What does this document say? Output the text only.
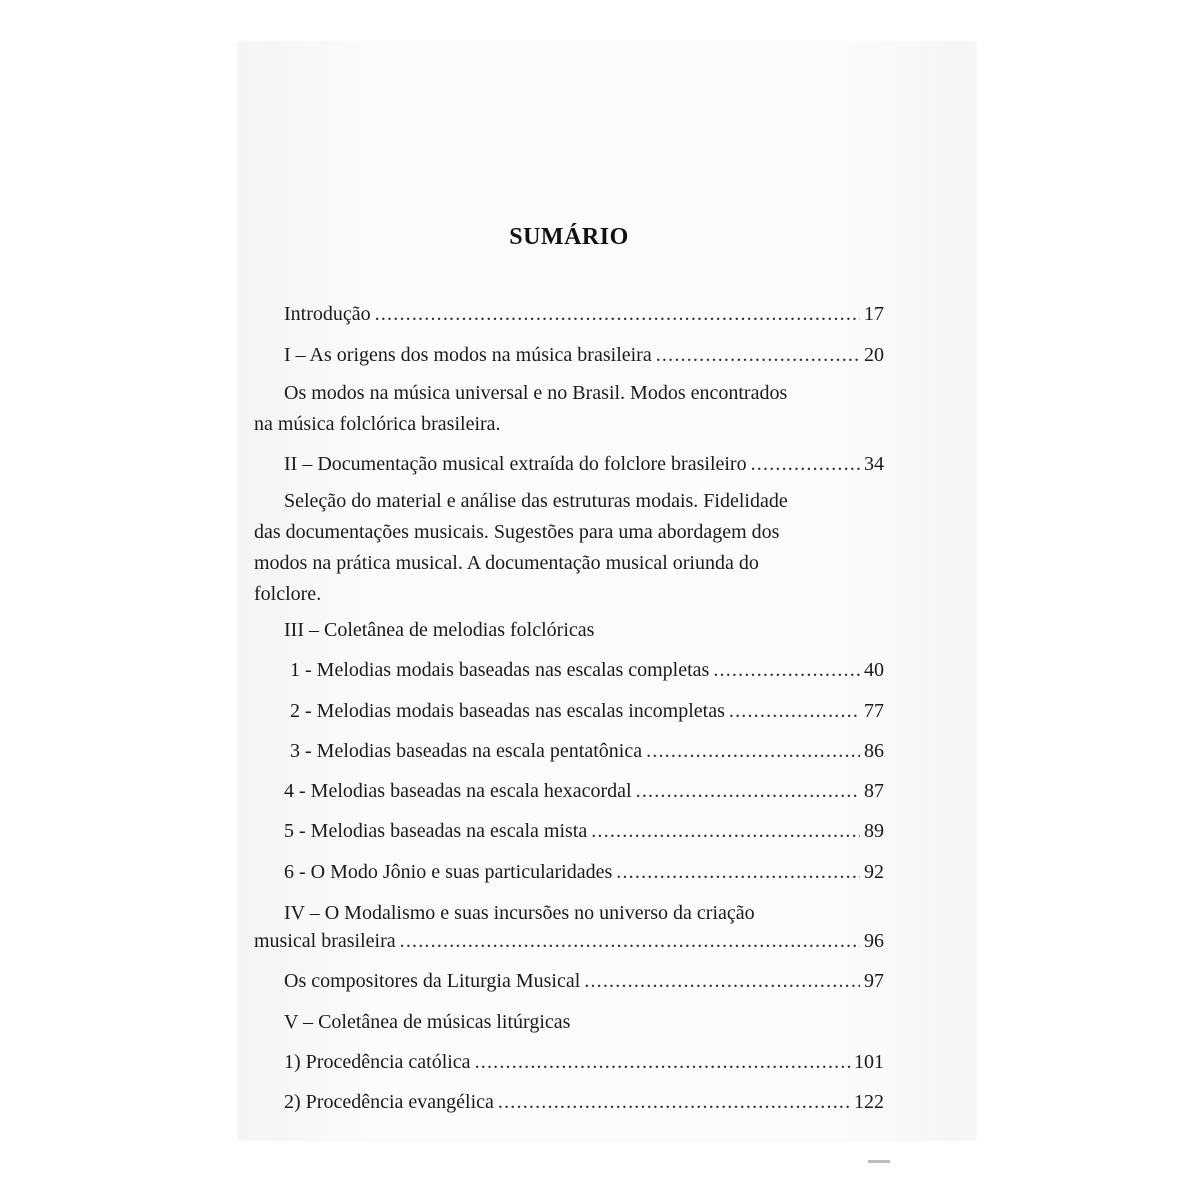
SUMÁRIO
Introdução .....	17
I – As origens dos modos na música brasileira .....	20
Os modos na música universal e no Brasil. Modos encontrados
na música folclórica brasileira.
II – Documentação musical extraída do folclore brasileiro .....	34
Seleção do material e análise das estruturas modais. Fidelidade
das documentações musicais. Sugestões para uma abordagem dos
modos na prática musical. A documentação musical oriunda do
folclore.
III – Coletânea de melodias folclóricas
1 - Melodias modais baseadas nas escalas completas .....	40
2 - Melodias modais baseadas nas escalas incompletas .....	77
3 - Melodias baseadas na escala pentatônica .....	86
4 - Melodias baseadas na escala hexacordal .....	87
5 - Melodias baseadas na escala mista .....	89
6 - O Modo Jônio e suas particularidades .....	92
IV – O Modalismo e suas incursões no universo da criação
musical brasileira .....	96
Os compositores da Liturgia Musical .....	97
V – Coletânea de músicas litúrgicas
1) Procedência católica .....	101
2) Procedência evangélica .....	122
